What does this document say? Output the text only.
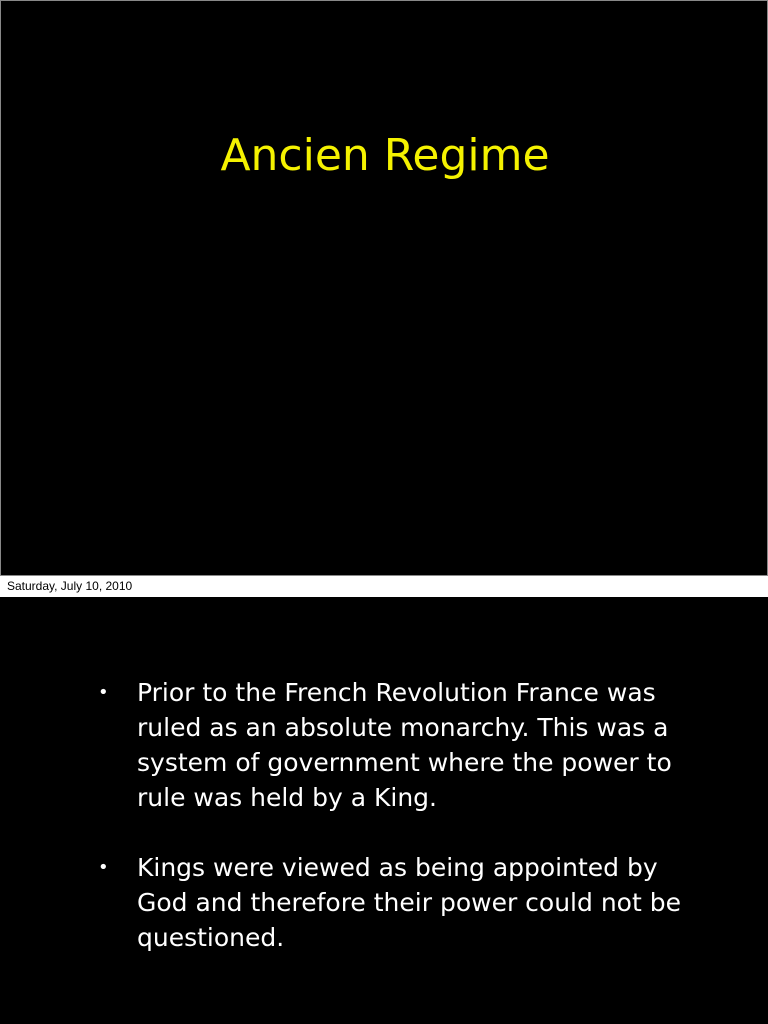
Ancien Regime
Saturday, July 10, 2010
• Prior to the French Revolution France was ruled as an absolute monarchy. This was a system of government where the power to rule was held by a King.
• Kings were viewed as being appointed by God and therefore their power could not be questioned.
